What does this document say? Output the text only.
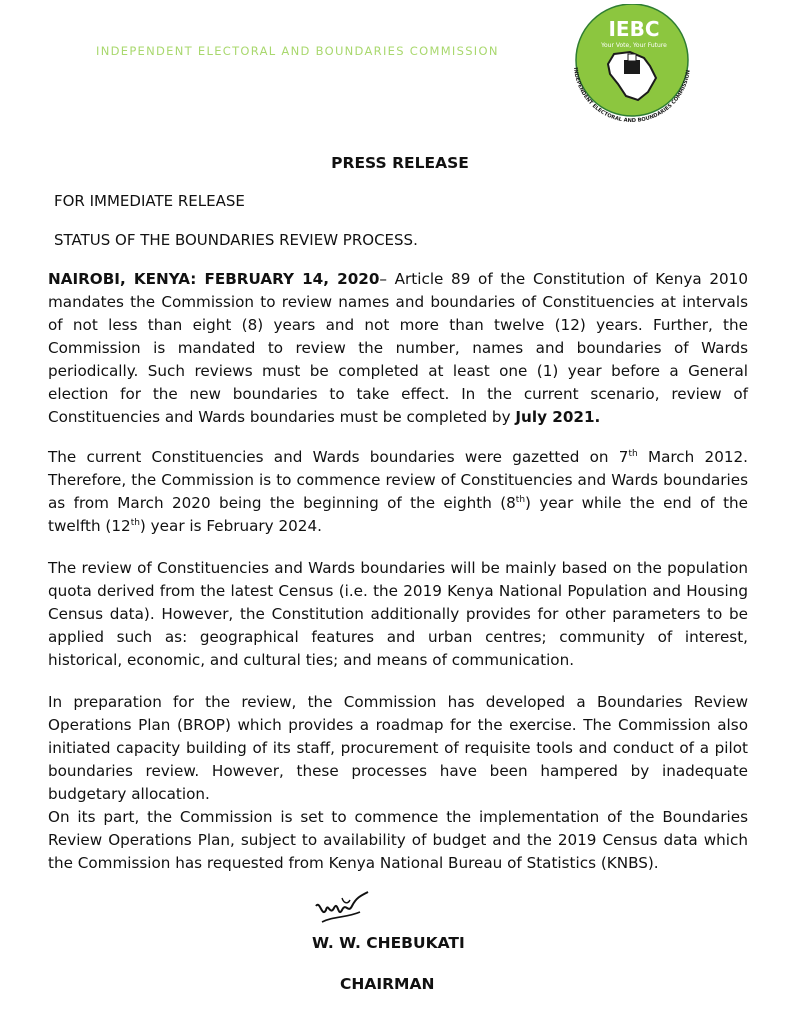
INDEPENDENT ELECTORAL AND BOUNDARIES COMMISSION
IEBC
Your Vote, Your Future
INDEPENDENT ELECTORAL AND BOUNDARIES COMMISSION
PRESS RELEASE
FOR IMMEDIATE RELEASE
STATUS OF THE BOUNDARIES REVIEW PROCESS.
NAIROBI, KENYA: FEBRUARY 14, 2020– Article 89 of the Constitution of Kenya 2010 mandates the Commission to review names and boundaries of Constituencies at intervals of not less than eight (8) years and not more than twelve (12) years. Further, the Commission is mandated to review the number, names and boundaries of Wards periodically. Such reviews must be completed at least one (1) year before a General election for the new boundaries to take effect. In the current scenario, review of Constituencies and Wards boundaries must be completed by July 2021.
The current Constituencies and Wards boundaries were gazetted on 7th March 2012. Therefore, the Commission is to commence review of Constituencies and Wards boundaries as from March 2020 being the beginning of the eighth (8th) year while the end of the twelfth (12th) year is February 2024.
The review of Constituencies and Wards boundaries will be mainly based on the population quota derived from the latest Census (i.e. the 2019 Kenya National Population and Housing Census data). However, the Constitution additionally provides for other parameters to be applied such as: geographical features and urban centres; community of interest, historical, economic, and cultural ties; and means of communication.
In preparation for the review, the Commission has developed a Boundaries Review Operations Plan (BROP) which provides a roadmap for the exercise. The Commission also initiated capacity building of its staff, procurement of requisite tools and conduct of a pilot boundaries review. However, these processes have been hampered by inadequate budgetary allocation.
On its part, the Commission is set to commence the implementation of the Boundaries Review Operations Plan, subject to availability of budget and the 2019 Census data which the Commission has requested from Kenya National Bureau of Statistics (KNBS).
W. W. CHEBUKATI
CHAIRMAN
